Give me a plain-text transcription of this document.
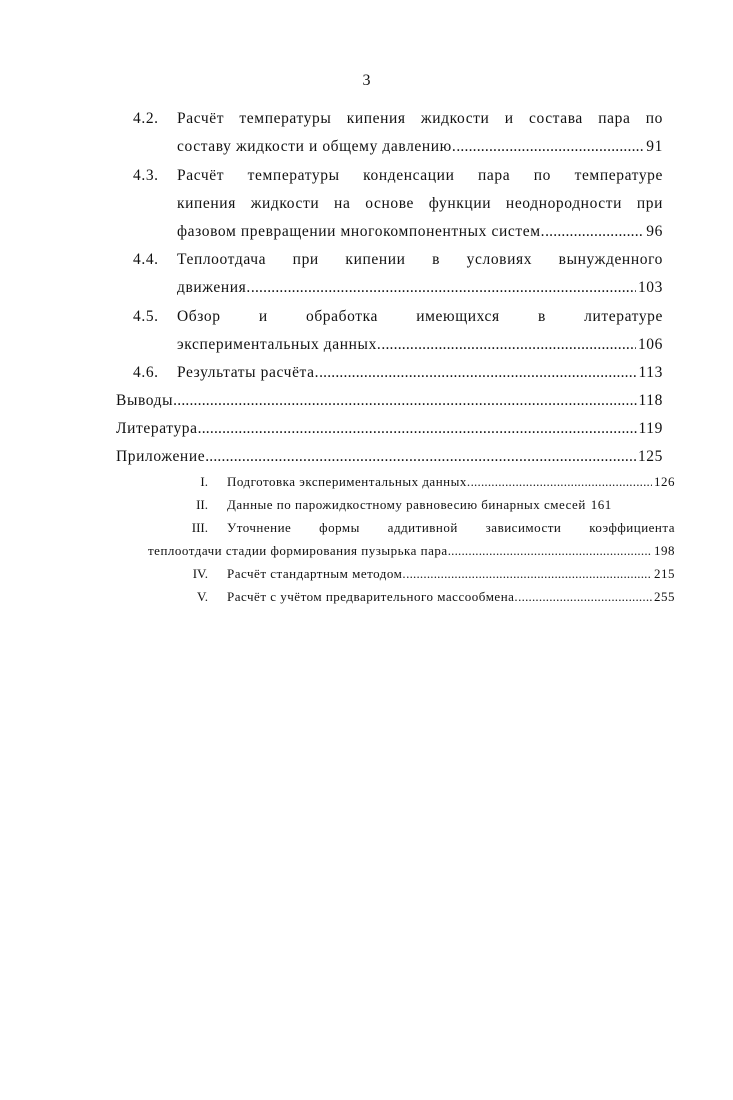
3
4.2. Расчёт температуры кипения жидкости и состава пара по
составу жидкости и общему давлению. .....	91
4.3. Расчёт температуры конденсации пара по температуре
кипения жидкости на основе функции неоднородности при
фазовом превращении многокомпонентных систем. .....	96
4.4. Теплоотдача при кипении в условиях вынужденного
движения. .....	103
4.5. Обзор и обработка имеющихся в литературе
экспериментальных данных. .....	106
4.6. Результаты расчёта. .....	113
Выводы .....	118
Литература .....	119
Приложение .....	125
I. Подготовка экспериментальных данных. .....	126
II. Данные по парожидкостному равновесию бинарных смесей 161
III. Уточнение формы аддитивной зависимости коэффициента
теплоотдачи стадии формирования пузырька пара .....	198
IV. Расчёт стандартным методом. .....	215
V. Расчёт с учётом предварительного массообмена. .....	255
